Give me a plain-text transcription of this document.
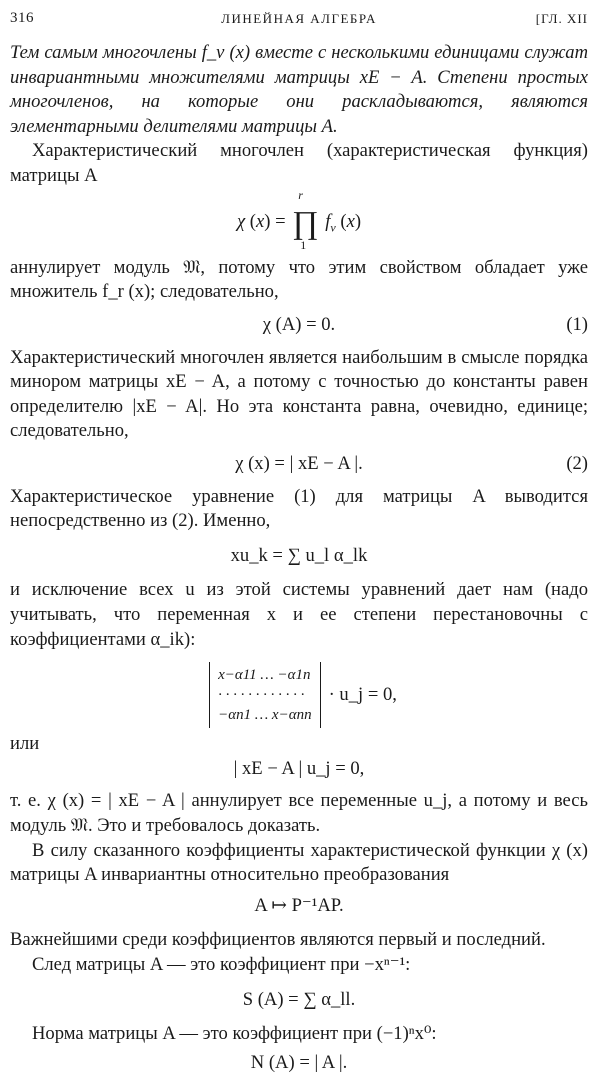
316	ЛИНЕЙНАЯ АЛГЕБРА	[ГЛ. XII

Тем самым многочлены f_v (x) вместе с несколькими единицами служат инвариантными множителями матрицы xE − A. Степени простых многочленов, на которые они раскладываются, являются элементарными делителями матрицы A.

Характеристический многочлен (характеристическая функция) матрицы A

χ (x) = ∏
r
1
$f_\nu$ (x)

аннулирует модуль 𝔐, потому что этим свойством обладает уже множитель f_r (x); следовательно,

χ (A) = 0.	(1)

Характеристический многочлен является наибольшим в смысле порядка минором матрицы xE − A, а потому с точностью до константы равен определителю |xE − A|. Но эта константа равна, очевидно, единице; следовательно,

χ (x) = | xE − A |.	(2)

Характеристическое уравнение (1) для матрицы A выводится непосредственно из (2). Именно,

xu_k = ∑ u_l α_lk

и исключение всех u из этой системы уравнений дает нам (надо учитывать, что переменная x и ее степени перестановочны с коэффициентами α_ik):

x−α11 … −α1n
· · · · · · · · · · · ·
−αn1 … x−αnn
· u_j = 0,

или

| xE − A | u_j = 0,

т. е. χ (x) = | xE − A | аннулирует все переменные u_j, а потому и весь модуль 𝔐. Это и требовалось доказать.

В силу сказанного коэффициенты характеристической функции χ (x) матрицы A инвариантны относительно преобразования

A ↦ P⁻¹AP.

Важнейшими среди коэффициентов являются первый и последний.

След матрицы A — это коэффициент при −xⁿ⁻¹:

S (A) = ∑ α_ll.

Норма матрицы A — это коэффициент при (−1)ⁿx⁰:

N (A) = | A |.
